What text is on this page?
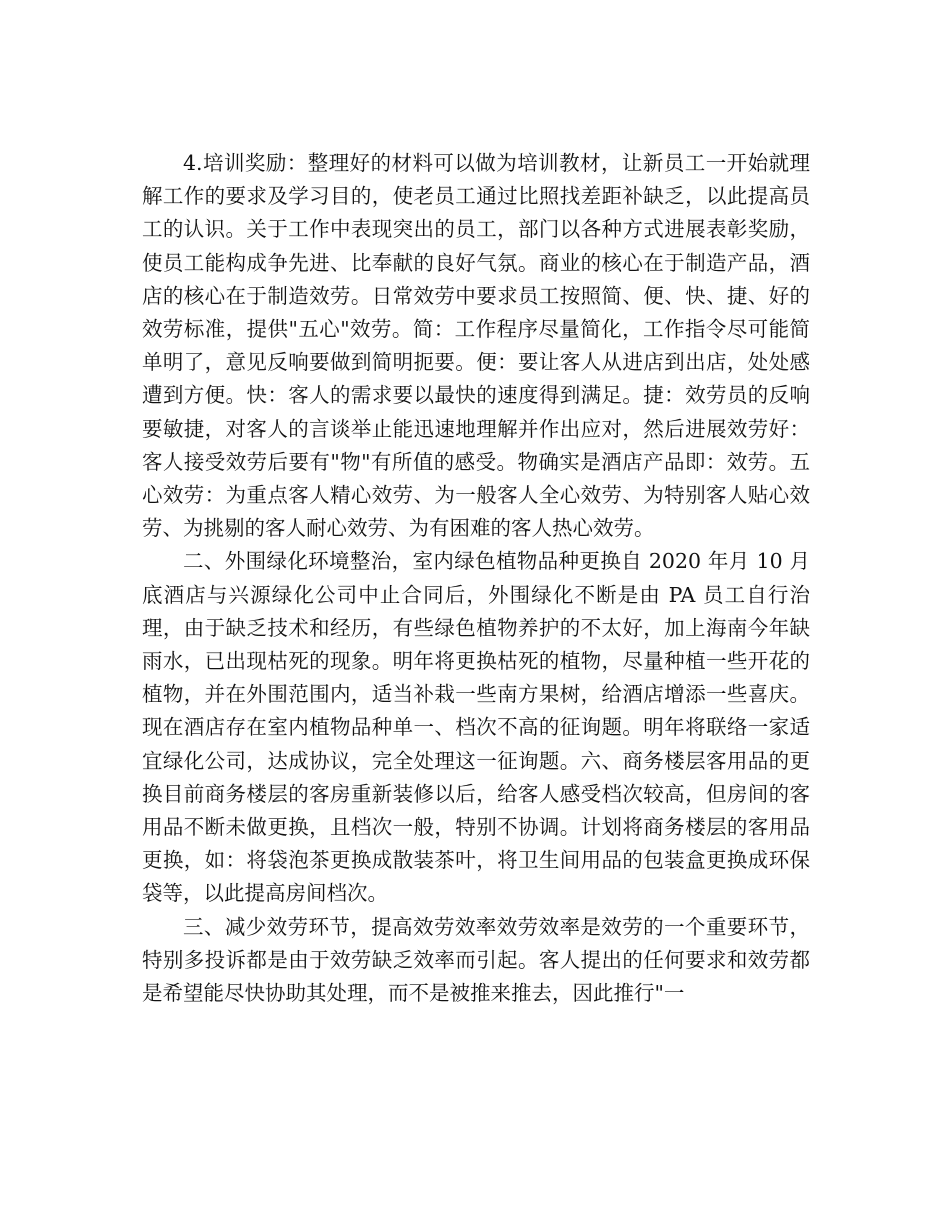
4.培训奖励：整理好的材料可以做为培训教材，让新员工一开始就理解工作的要求及学习目的，使老员工通过比照找差距补缺乏，以此提高员工的认识。关于工作中表现突出的员工，部门以各种方式进展表彰奖励，使员工能构成争先进、比奉献的良好气氛。商业的核心在于制造产品，酒店的核心在于制造效劳。日常效劳中要求员工按照简、便、快、捷、好的效劳标准，提供"五心"效劳。简：工作程序尽量简化，工作指令尽可能简单明了，意见反响要做到简明扼要。便：要让客人从进店到出店，处处感遭到方便。快：客人的需求要以最快的速度得到满足。捷：效劳员的反响要敏捷，对客人的言谈举止能迅速地理解并作出应对，然后进展效劳好：客人接受效劳后要有"物"有所值的感受。物确实是酒店产品即：效劳。五心效劳：为重点客人精心效劳、为一般客人全心效劳、为特别客人贴心效劳、为挑剔的客人耐心效劳、为有困难的客人热心效劳。

二、外围绿化环境整治，室内绿色植物品种更换自 2020 年月 10 月底酒店与兴源绿化公司中止合同后，外围绿化不断是由 PA 员工自行治理，由于缺乏技术和经历，有些绿色植物养护的不太好，加上海南今年缺雨水，已出现枯死的现象。明年将更换枯死的植物，尽量种植一些开花的植物，并在外围范围内，适当补栽一些南方果树，给酒店增添一些喜庆。现在酒店存在室内植物品种单一、档次不高的征询题。明年将联络一家适宜绿化公司，达成协议，完全处理这一征询题。六、商务楼层客用品的更换目前商务楼层的客房重新装修以后，给客人感受档次较高，但房间的客用品不断未做更换，且档次一般，特别不协调。计划将商务楼层的客用品更换，如：将袋泡茶更换成散装茶叶，将卫生间用品的包装盒更换成环保袋等，以此提高房间档次。

三、减少效劳环节，提高效劳效率效劳效率是效劳的一个重要环节，特别多投诉都是由于效劳缺乏效率而引起。客人提出的任何要求和效劳都是希望能尽快协助其处理，而不是被推来推去，因此推行"一
